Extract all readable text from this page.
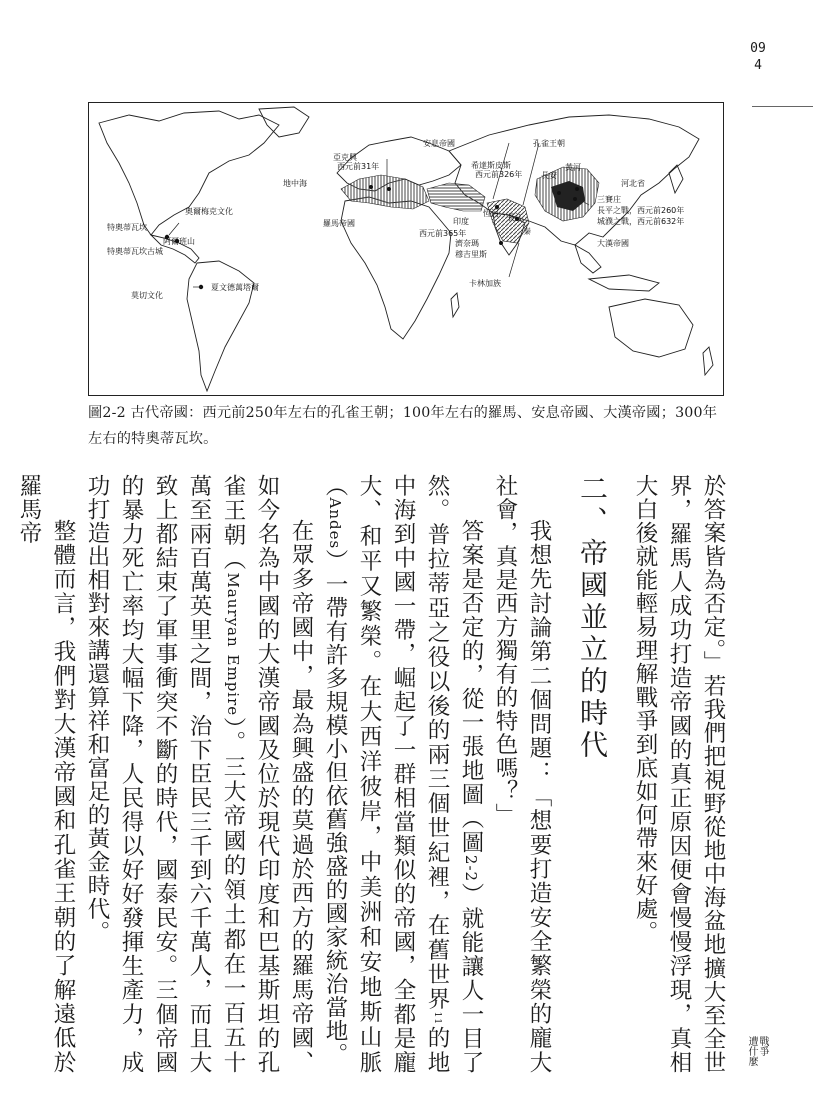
094
戰爭
遭什麼
安息帝國	孔雀王朝
亞克興
西元前31年	希達斯皮斯
西元前326年 長安
黃河
河北省
三賽庄
長平之戰，西元前260年
城濮之戰，西元前632年
地中海
羅馬帝國	印度
西元前365年
恆河
秦
長江
大漢帝國
濟奈瑪
穆吉里斯
卡林加族
奧爾梅克文化
特奧蒂瓦坎
阿爾班山
特奧蒂瓦坎古城
莫切文化
夏文德萬塔爾
圖2-2 古代帝國：西元前250年左右的孔雀王朝；100年左右的羅馬、安息帝國、大漢帝國；300年左右的特奧蒂瓦坎。

於答案皆為否定。」若我們把視野從地中海盆地擴大至全世界，羅馬人成功打造帝國的真正原因便會慢慢浮現，真相大白後就能輕易理解戰爭到底如何帶來好處。

二、帝國並立的時代

我想先討論第二個問題：「想要打造安全繁榮的龐大社會，真是西方獨有的特色嗎？」

答案是否定的，從一張地圖（圖2-2）就能讓人一目了然。普拉蒂亞之役以後的兩三個世紀裡，在舊世界11的地中海到中國一帶，崛起了一群相當類似的帝國，全都是龐大、和平又繁榮。在大西洋彼岸，中美洲和安地斯山脈（Andes）一帶有許多規模小但依舊強盛的國家統治當地。

在眾多帝國中，最為興盛的莫過於西方的羅馬帝國、如今名為中國的大漢帝國及位於現代印度和巴基斯坦的孔雀王朝（Mauryan Empire）。三大帝國的領土都在一百五十萬至兩百萬英里之間，治下臣民三千到六千萬人，而且大致上都結束了軍事衝突不斷的時代，國泰民安。三個帝國的暴力死亡率均大幅下降，人民得以好好發揮生產力，成功打造出相對來講還算祥和富足的黃金時代。

整體而言，我們對大漢帝國和孔雀王朝的了解遠低於羅馬帝
